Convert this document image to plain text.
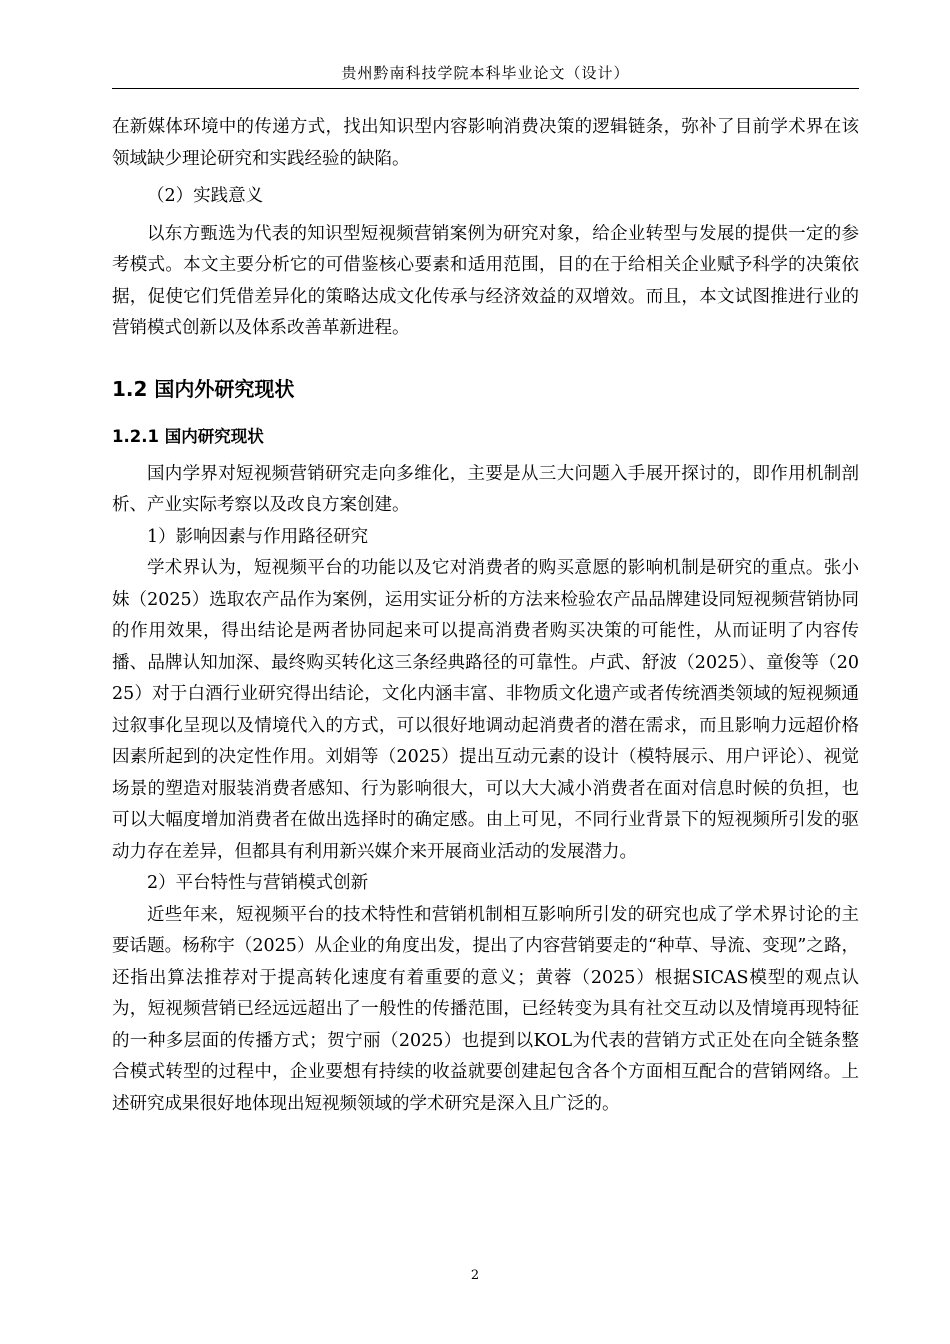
贵州黔南科技学院本科毕业论文（设计）

在新媒体环境中的传递方式，找出知识型内容影响消费决策的逻辑链条，弥补了目前学术界在该领域缺少理论研究和实践经验的缺陷。

（2）实践意义

以东方甄选为代表的知识型短视频营销案例为研究对象，给企业转型与发展的提供一定的参考模式。本文主要分析它的可借鉴核心要素和适用范围，目的在于给相关企业赋予科学的决策依据，促使它们凭借差异化的策略达成文化传承与经济效益的双增效。而且，本文试图推进行业的营销模式创新以及体系改善革新进程。

1.2 国内外研究现状
1.2.1 国内研究现状

国内学界对短视频营销研究走向多维化，主要是从三大问题入手展开探讨的，即作用机制剖析、产业实际考察以及改良方案创建。

1）影响因素与作用路径研究

学术界认为，短视频平台的功能以及它对消费者的购买意愿的影响机制是研究的重点。张小妹（2025）选取农产品作为案例，运用实证分析的方法来检验农产品品牌建设同短视频营销协同的作用效果，得出结论是两者协同起来可以提高消费者购买决策的可能性，从而证明了内容传播、品牌认知加深、最终购买转化这三条经典路径的可靠性。卢武、舒波（2025）、童俊等（2025）对于白酒行业研究得出结论，文化内涵丰富、非物质文化遗产或者传统酒类领域的短视频通过叙事化呈现以及情境代入的方式，可以很好地调动起消费者的潜在需求，而且影响力远超价格因素所起到的决定性作用。刘娟等（2025）提出互动元素的设计（模特展示、用户评论）、视觉场景的塑造对服装消费者感知、行为影响很大，可以大大减小消费者在面对信息时候的负担，也可以大幅度增加消费者在做出选择时的确定感。由上可见，不同行业背景下的短视频所引发的驱动力存在差异，但都具有利用新兴媒介来开展商业活动的发展潜力。

2）平台特性与营销模式创新

近些年来，短视频平台的技术特性和营销机制相互影响所引发的研究也成了学术界讨论的主要话题。杨称宇（2025）从企业的角度出发，提出了内容营销要走的“种草、导流、变现”之路，还指出算法推荐对于提高转化速度有着重要的意义；黄蓉（2025）根据SICAS模型的观点认为，短视频营销已经远远超出了一般性的传播范围，已经转变为具有社交互动以及情境再现特征的一种多层面的传播方式；贺宁丽（2025）也提到以KOL为代表的营销方式正处在向全链条整合模式转型的过程中，企业要想有持续的收益就要创建起包含各个方面相互配合的营销网络。上述研究成果很好地体现出短视频领域的学术研究是深入且广泛的。

2
